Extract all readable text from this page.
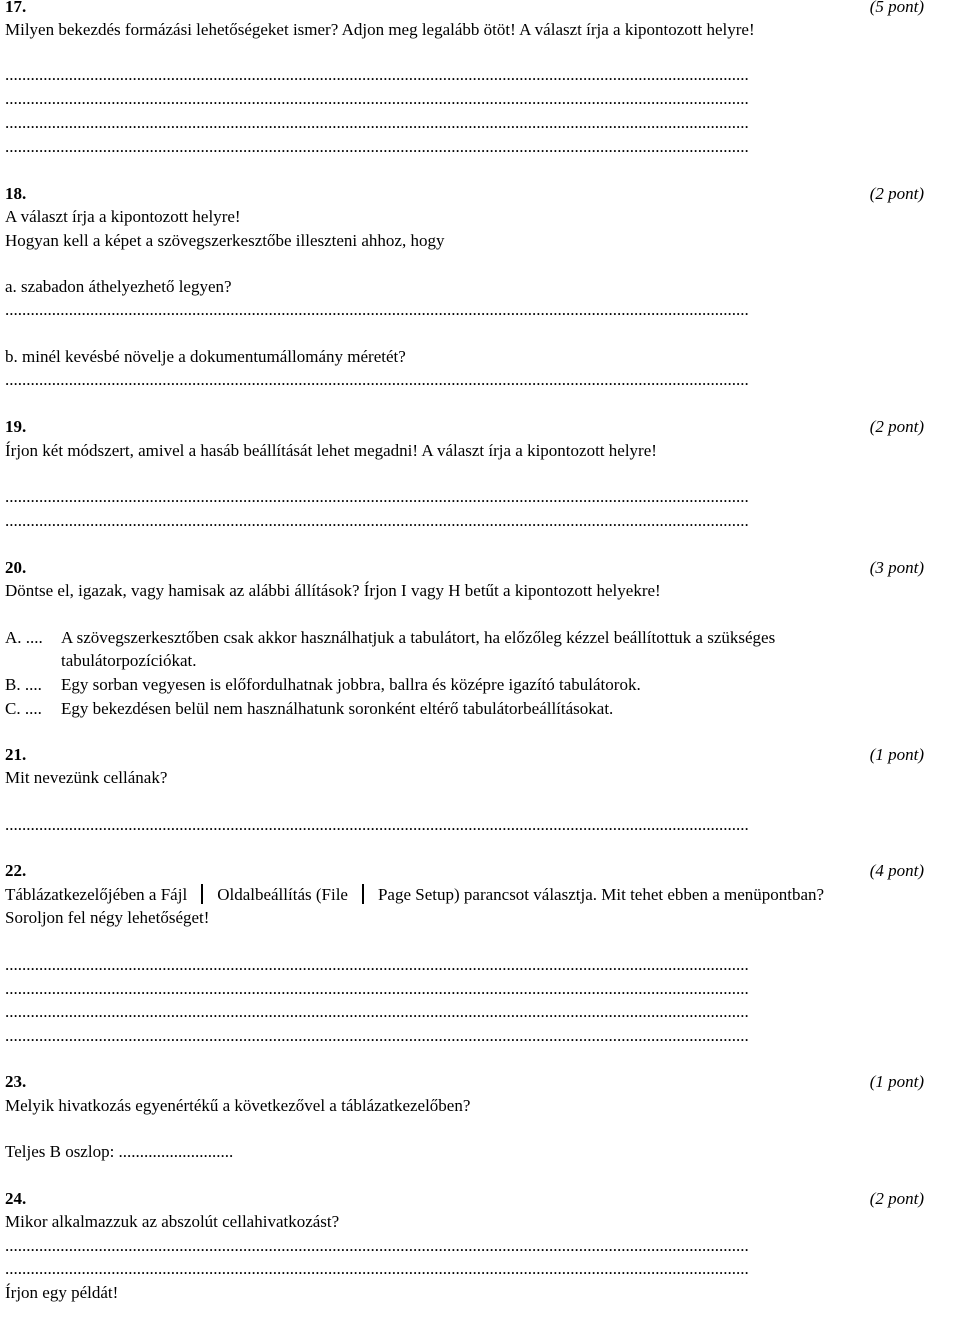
17.	(5 pont)
Milyen bekezdés formázási lehetőségeket ismer? Adjon meg legalább ötöt! A választ írja a kipontozott helyre!
...............................................................................................................................................................................
...............................................................................................................................................................................
...............................................................................................................................................................................
...............................................................................................................................................................................
18.	(2 pont)
A választ írja a kipontozott helyre!
Hogyan kell a képet a szövegszerkesztőbe illeszteni ahhoz, hogy
a. szabadon áthelyezhető legyen?
...............................................................................................................................................................................
b. minél kevésbé növelje a dokumentumállomány méretét?
...............................................................................................................................................................................
19.	(2 pont)
Írjon két módszert, amivel a hasáb beállítását lehet megadni! A választ írja a kipontozott helyre!
...............................................................................................................................................................................
...............................................................................................................................................................................
20.	(3 pont)
Döntse el, igazak, vagy hamisak az alábbi állítások? Írjon I vagy H betűt a kipontozott helyekre!
A. .... A szövegszerkesztőben csak akkor használhatjuk a tabulátort, ha előzőleg kézzel beállítottuk a szükséges
tabulátorpozíciókat.
B. .... Egy sorban vegyesen is előfordulhatnak jobbra, ballra és középre igazító tabulátorok.
C. .... Egy bekezdésen belül nem használhatunk soronként eltérő tabulátorbeállításokat.
21.	(1 pont)
Mit nevezünk cellának?
...............................................................................................................................................................................
22.	(4 pont)
Táblázatkezelőjében a Fájl Oldalbeállítás (File Page Setup) parancsot választja. Mit tehet ebben a menüpontban?
Soroljon fel négy lehetőséget!
...............................................................................................................................................................................
...............................................................................................................................................................................
...............................................................................................................................................................................
...............................................................................................................................................................................
23.	(1 pont)
Melyik hivatkozás egyenértékű a következővel a táblázatkezelőben?
Teljes B oszlop: ...........................
24.	(2 pont)
Mikor alkalmazzuk az abszolút cellahivatkozást?
...............................................................................................................................................................................
...............................................................................................................................................................................
Írjon egy példát!
